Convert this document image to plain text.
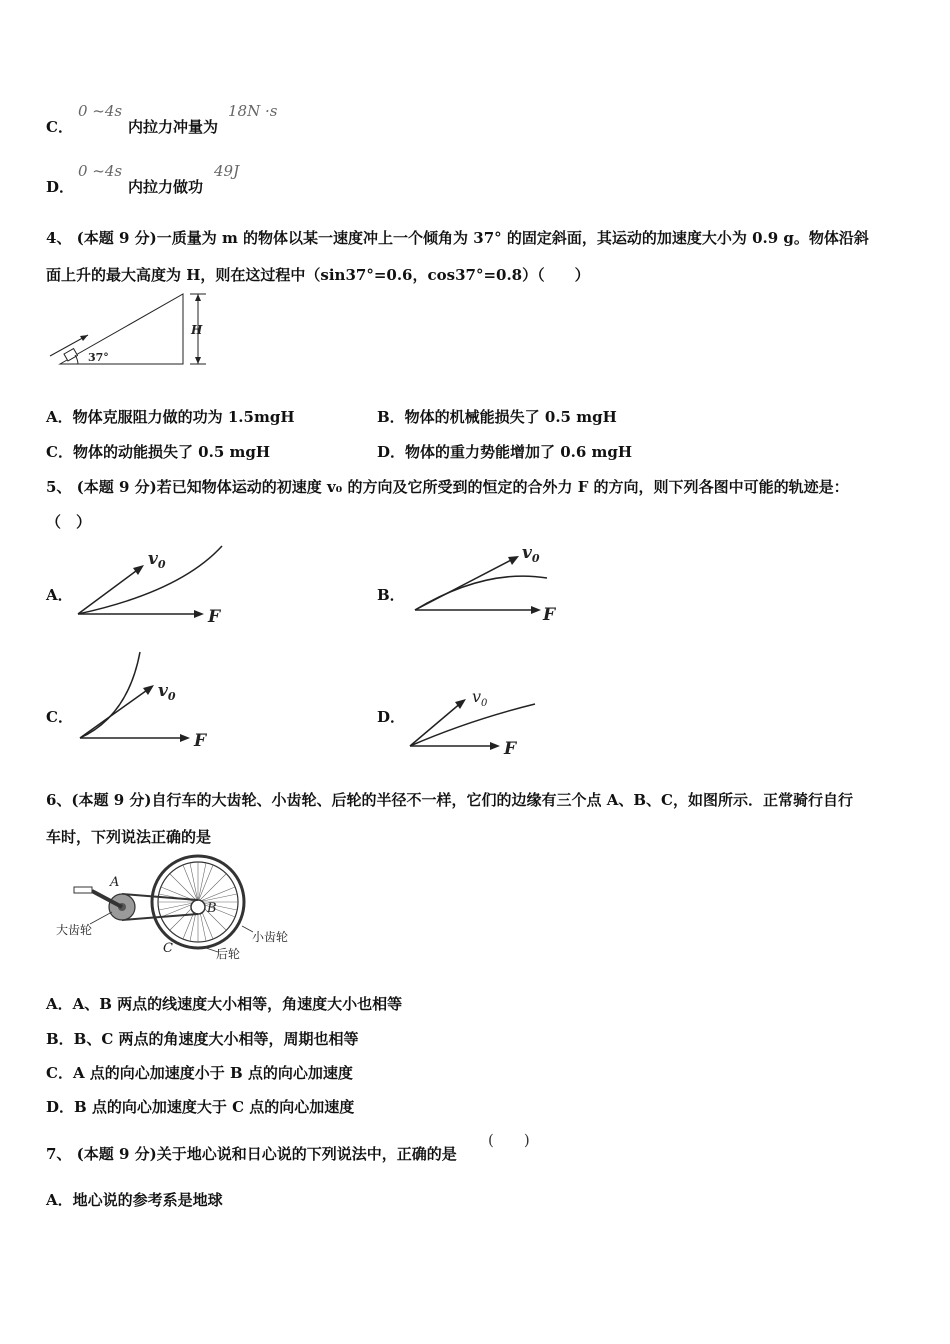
C．
0 ~4s
内拉力冲量为
18N ·s
D．
0 ~4s
内拉力做功
49J
4、 (本题 9 分)一质量为 m 的物体以某一速度冲上一个倾角为 37° 的固定斜面，其运动的加速度大小为 0.9 g。物体沿斜
面上升的最大高度为 H，则在这过程中（sin37°=0.6，cos37°=0.8）（　　）
37°
H
A．物体克服阻力做的功为 1.5mgH	B．物体的机械能损失了 0.5 mgH
C．物体的动能损失了 0.5 mgH	D．物体的重力势能增加了 0.6 mgH
5、 (本题 9 分)若已知物体运动的初速度 v₀ 的方向及它所受到的恒定的合外力 F 的方向，则下列各图中可能的轨迹是：
（　）
A．
$v_0$
F
B．
$v_0$
F
C．
$v_0$
F
D．
$v_0$
F
6、(本题 9 分)自行车的大齿轮、小齿轮、后轮的半径不一样，它们的边缘有三个点 A、B、C，如图所示．正常骑行自行
车时，下列说法正确的是
A
B
C
大齿轮	小齿轮
后轮
A．A、B 两点的线速度大小相等，角速度大小也相等
B．B、C 两点的角速度大小相等，周期也相等
C．A 点的向心加速度小于 B 点的向心加速度
D．B 点的向心加速度大于 C 点的向心加速度
7、 (本题 9 分)关于地心说和日心说的下列说法中，正确的是
(　　)
A．地心说的参考系是地球
